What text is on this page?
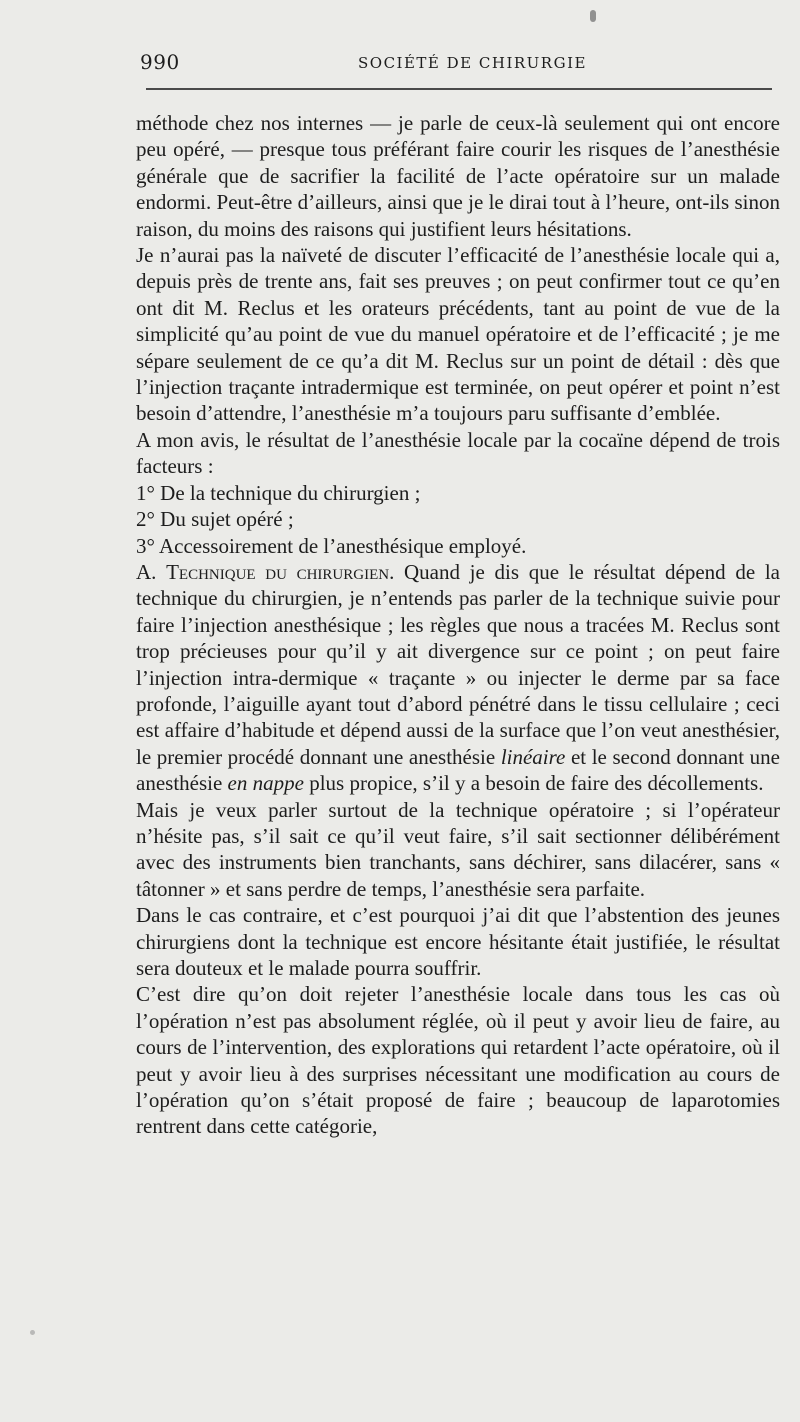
990	SOCIÉTÉ DE CHIRURGIE

méthode chez nos internes — je parle de ceux-là seulement qui ont encore peu opéré, — presque tous préférant faire courir les risques de l’anesthésie générale que de sacrifier la facilité de l’acte opératoire sur un malade endormi. Peut-être d’ailleurs, ainsi que je le dirai tout à l’heure, ont-ils sinon raison, du moins des raisons qui justifient leurs hésitations.

Je n’aurai pas la naïveté de discuter l’efficacité de l’anesthésie locale qui a, depuis près de trente ans, fait ses preuves ; on peut confirmer tout ce qu’en ont dit M. Reclus et les orateurs précédents, tant au point de vue de la simplicité qu’au point de vue du manuel opératoire et de l’efficacité ; je me sépare seulement de ce qu’a dit M. Reclus sur un point de détail : dès que l’injection traçante intradermique est terminée, on peut opérer et point n’est besoin d’attendre, l’anesthésie m’a toujours paru suffisante d’emblée.

A mon avis, le résultat de l’anesthésie locale par la cocaïne dépend de trois facteurs :

1° De la technique du chirurgien ;

2° Du sujet opéré ;

3° Accessoirement de l’anesthésique employé.

A. Technique du chirurgien. Quand je dis que le résultat dépend de la technique du chirurgien, je n’entends pas parler de la technique suivie pour faire l’injection anesthésique ; les règles que nous a tracées M. Reclus sont trop précieuses pour qu’il y ait divergence sur ce point ; on peut faire l’injection intra-dermique « traçante » ou injecter le derme par sa face profonde, l’aiguille ayant tout d’abord pénétré dans le tissu cellulaire ; ceci est affaire d’habitude et dépend aussi de la surface que l’on veut anesthésier, le premier procédé donnant une anesthésie linéaire et le second donnant une anesthésie en nappe plus propice, s’il y a besoin de faire des décollements.

Mais je veux parler surtout de la technique opératoire ; si l’opérateur n’hésite pas, s’il sait ce qu’il veut faire, s’il sait sectionner délibérément avec des instruments bien tranchants, sans déchirer, sans dilacérer, sans « tâtonner » et sans perdre de temps, l’anesthésie sera parfaite.

Dans le cas contraire, et c’est pourquoi j’ai dit que l’abstention des jeunes chirurgiens dont la technique est encore hésitante était justifiée, le résultat sera douteux et le malade pourra souffrir.

C’est dire qu’on doit rejeter l’anesthésie locale dans tous les cas où l’opération n’est pas absolument réglée, où il peut y avoir lieu de faire, au cours de l’intervention, des explorations qui retardent l’acte opératoire, où il peut y avoir lieu à des surprises nécessitant une modification au cours de l’opération qu’on s’était proposé de faire ; beaucoup de laparotomies rentrent dans cette catégorie,
